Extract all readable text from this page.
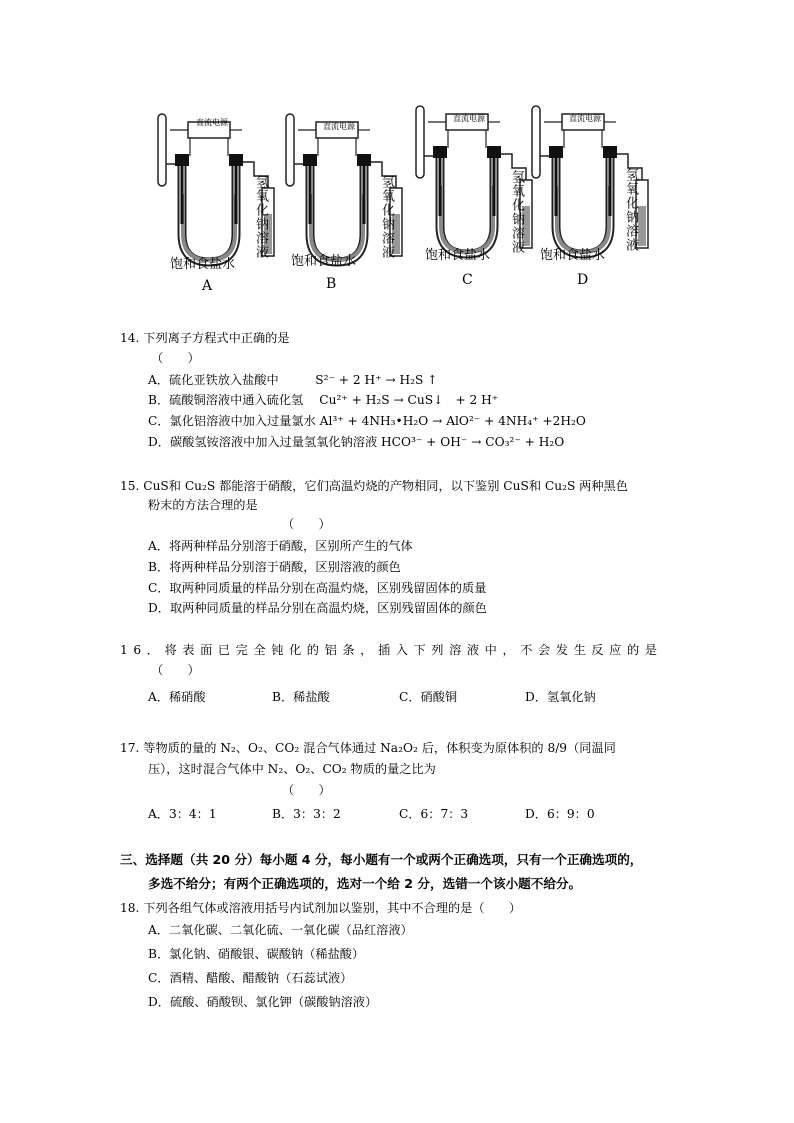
A	B	C	D
直流电源	直流电源
直流电源	直流电源
氢氧化钠溶液	氢氧化钠溶液	氢氧化钠溶液	氢氧化钠溶液
饱和食盐水	饱和食盐水	饱和食盐水	饱和食盐水
14. 下列离子方程式中正确的是
（　　）
A．硫化亚铁放入盐酸中　　　S²⁻ + 2 H⁺ → H₂S ↑
B．硫酸铜溶液中通入硫化氢　 Cu²⁺ + H₂S → CuS↓　+ 2 H⁺
C．氯化铝溶液中加入过量氯水 Al³⁺ + 4NH₃•H₂O → AlO²⁻ + 4NH₄⁺ +2H₂O
D．碳酸氢铵溶液中加入过量氢氧化钠溶液 HCO³⁻ + OH⁻ → CO₃²⁻ + H₂O
15. CuS和 Cu₂S 都能溶于硝酸，它们高温灼烧的产物相同，以下鉴别 CuS和 Cu₂S 两种黑色
粉末的方法合理的是
（　　）
A．将两种样品分别溶于硝酸，区别所产生的气体
B．将两种样品分别溶于硝酸，区别溶液的颜色
C．取两种同质量的样品分别在高温灼烧，区别残留固体的质量
D．取两种同质量的样品分别在高温灼烧，区别残留固体的颜色
16．将表面已完全钝化的铝条，插入下列溶液中，不会发生反应的是
（　　）
A．稀硝酸	B．稀盐酸	C．硝酸铜	D．氢氧化钠
17. 等物质的量的 N₂、O₂、CO₂ 混合气体通过 Na₂O₂ 后，体积变为原体积的 8/9（同温同
压），这时混合气体中 N₂、O₂、CO₂ 物质的量之比为
（　　）
A．3：4：1	B．3：3：2	C．6：7：3	D．6：9：0
三、选择题（共 20 分）每小题 4 分，每小题有一个或两个正确选项，只有一个正确选项的，
多选不给分；有两个正确选项的，选对一个给 2 分，选错一个该小题不给分。
18. 下列各组气体或溶液用括号内试剂加以鉴别，其中不合理的是（　　）
A．二氧化碳、二氧化硫、一氧化碳（品红溶液）
B．氯化钠、硝酸银、碳酸钠（稀盐酸）
C．酒精、醋酸、醋酸钠（石蕊试液）
D．硫酸、硝酸钡、氯化钾（碳酸钠溶液）
